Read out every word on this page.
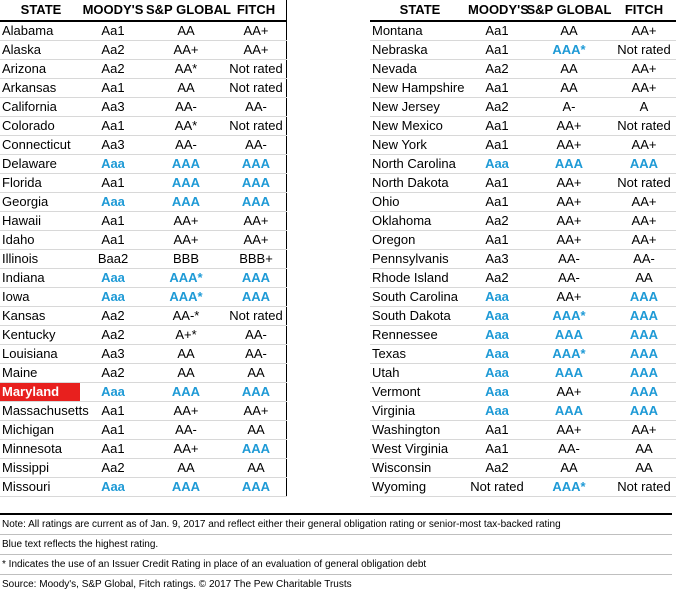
STATE	MOODY'S	S&P GLOBAL	FITCH		STATE	MOODY'S	S&P GLOBAL	FITCH
Alabama	Aa1	AA	AA+		Montana	Aa1	AA	AA+
Alaska	Aa2	AA+	AA+		Nebraska	Aa1	AAA*	Not rated
Arizona	Aa2	AA*	Not rated		Nevada	Aa2	AA	AA+
Arkansas	Aa1	AA	Not rated		New Hampshire	Aa1	AA	AA+
California	Aa3	AA-	AA-		New Jersey	Aa2	A-	A
Colorado	Aa1	AA*	Not rated		New Mexico	Aa1	AA+	Not rated
Connecticut	Aa3	AA-	AA-		New York	Aa1	AA+	AA+
Delaware	Aaa	AAA	AAA		North Carolina	Aaa	AAA	AAA
Florida	Aa1	AAA	AAA		North Dakota	Aa1	AA+	Not rated
Georgia	Aaa	AAA	AAA		Ohio	Aa1	AA+	AA+
Hawaii	Aa1	AA+	AA+		Oklahoma	Aa2	AA+	AA+
Idaho	Aa1	AA+	AA+		Oregon	Aa1	AA+	AA+
Illinois	Baa2	BBB	BBB+		Pennsylvanis	Aa3	AA-	AA-
Indiana	Aaa	AAA*	AAA		Rhode Island	Aa2	AA-	AA
Iowa	Aaa	AAA*	AAA		South Carolina	Aaa	AA+	AAA
Kansas	Aa2	AA-*	Not rated		South Dakota	Aaa	AAA*	AAA
Kentucky	Aa2	A+*	AA-		Rennessee	Aaa	AAA	AAA
Louisiana	Aa3	AA	AA-		Texas	Aaa	AAA*	AAA
Maine	Aa2	AA	AA		Utah	Aaa	AAA	AAA
Maryland	Aaa	AAA	AAA		Vermont	Aaa	AA+	AAA
Massachusetts	Aa1	AA+	AA+		Virginia	Aaa	AAA	AAA
Michigan	Aa1	AA-	AA		Washington	Aa1	AA+	AA+
Minnesota	Aa1	AA+	AAA		West Virginia	Aa1	AA-	AA
Missippi	Aa2	AA	AA		Wisconsin	Aa2	AA	AA
Missouri	Aaa	AAA	AAA		Wyoming	Not rated	AAA*	Not rated
Note: All ratings are current as of Jan. 9, 2017 and reflect either their general obligation rating or senior-most tax-backed rating
Blue text reflects the highest rating.
* Indicates the use of an Issuer Credit Rating in place of an evaluation of general obligation debt
Source: Moody's, S&P Global, Fitch ratings. © 2017 The Pew Charitable Trusts
